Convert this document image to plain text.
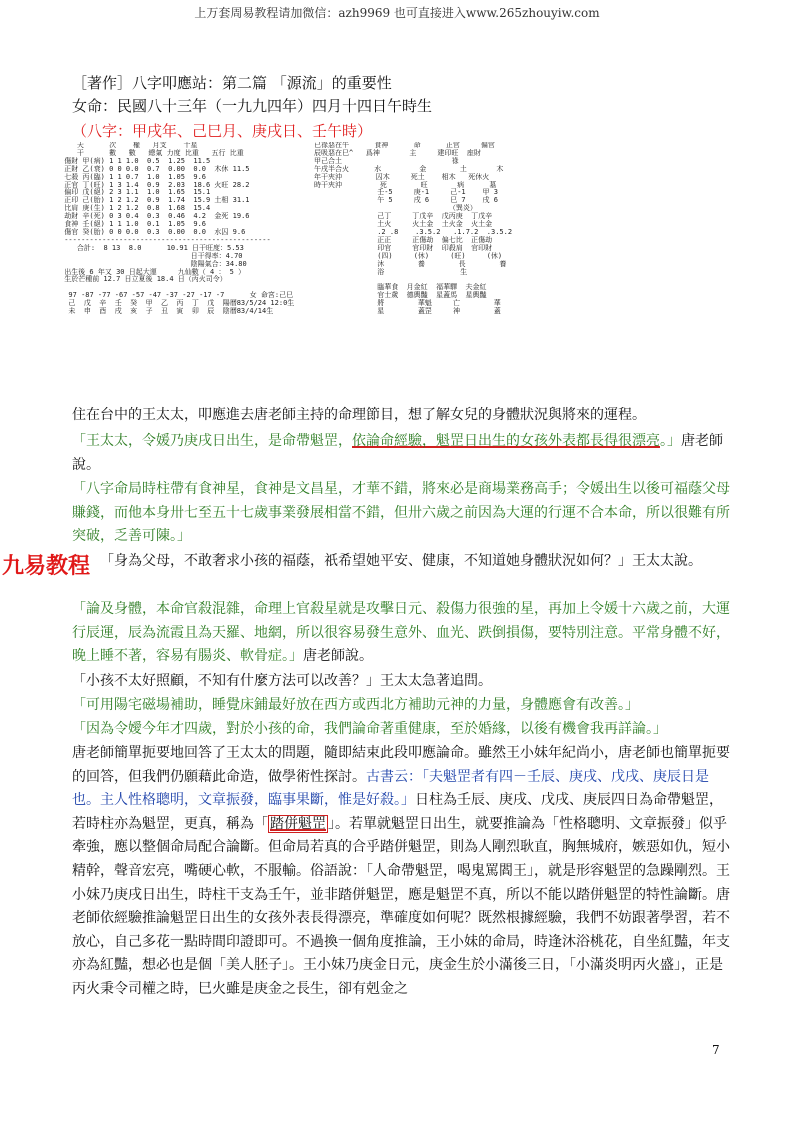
上万套周易教程请加微信：azh9969 也可直接进入www.265zhouyiw.com
［著作］八字叩應站：第二篇 「源流」的重要性
女命：民國八十三年（一九九四年）四月十四日午時生（八字：甲戌年、己巳月、庚戌日、壬午時）
天      次    權   月支    十星
干      數   數   總氣 力度 比重   五行 比重
傷財 甲(病) 1 1 1.0  0.5  1.25  11.5
正財 乙(衰) 0 0 0.0  0.7  0.00  0.0  木休 11.5
七殺 丙(臨) 1 1 0.7  1.0  1.05  9.6
正官 丁(旺) 1 3 1.4  0.9  2.03  18.6 火旺 28.2
偏印 戊(絕) 2 3 1.1  1.0  1.65  15.1
正印 己(胎) 1 2 1.2  0.9  1.74  15.9 土相 31.1
比肩 庚(生) 1 2 1.2  0.8  1.68  15.4
劫財 辛(死) 0 3 0.4  0.3  0.46  4.2  金死 19.6
食神 壬(絕) 1 1 1.0  0.1  1.05  9.6
傷官 癸(胎) 0 0 0.0  0.3  0.00  0.0  水囚 9.6
-------------------------------------------------
合計:  8 13  8.0      10.91 日干旺度：5.53
日干得率：4.70
陰陽氣合：34.80
出生後 6 年又 30 日起大運     九仙數（ 4 ： 5 ）
生於芒種前 12.7 日立夏後 18.4 日（丙火司令）

97 -87 -77 -67 -57 -47 -37 -27 -17 -7      女 命宮:己巳
己  戊  辛  壬  癸  甲  乙  丙  丁  戊  陽曆83/5/24 12:0生
未  申  酉  戌  亥  子  丑  寅  卯  辰  陰曆83/4/14生
已祿惡在午      食神      命      正官     偏官
辰吸惡在巳^   爲神       主     建印旺  座財
甲己合土                          祿
午戌半合火      水         金        土       木
年干夾沖        囚木     死土    相木   死休火
時干夾沖         死        旺       病      墓
壬-5     庚-1     己-1    甲 3
午 5     戌 6     巳 7    戌 6
（巽炎）
己丁     丁戊辛  戊丙庚  丁戊辛
土火     火土金  土火金  火土金
.2 .8    .3.5.2   .1.7.2  .3.5.2
正正     正傷劫  偏七比  正傷劫
印官     官印財  印殺肩  官印財
(四)     (休)     (旺)     (休)
沐        養        長        養
浴                  生

臨華食  月金紅  福華驛  夫金紅
官士歲  德輿豔  星蓋馬  星輿豔
將        華魁     亡        華
星        蓋罡     神        蓋
住在台中的王太太，叩應進去唐老師主持的命理節目，想了解女兒的身體狀況與將來的運程。
「王太太，令媛乃庚戌日出生，是命帶魁罡，依論命經驗，魁罡日出生的女孩外表都長得很漂亮。」唐老師說。
「八字命局時柱帶有食神星，食神是文昌星，才華不錯，將來必是商場業務高手；令媛出生以後可福蔭父母賺錢，而他本身卅七至五十七歲事業發展相當不錯，但卅六歲之前因為大運的行運不合本命，所以很難有所突破，乏善可陳。」
「身為父母，不敢奢求小孩的福蔭，祇希望她平安、健康，不知道她身體狀況如何？」王太太說。
「論及身體，本命官殺混雜，命理上官殺星就是攻擊日元、殺傷力很強的星，再加上令媛十六歲之前，大運行辰運，辰為流霞且為天羅、地網，所以很容易發生意外、血光、跌倒損傷，要特別注意。平常身體不好，晚上睡不著，容易有腸炎、軟骨症。」唐老師說。
「小孩不太好照顧，不知有什麼方法可以改善？」王太太急著追問。
「可用陽宅磁場補助，睡覺床鋪最好放在西方或西北方補助元神的力量，身體應會有改善。」
「因為令嬡今年才四歲，對於小孩的命，我們論命著重健康，至於婚緣，以後有機會我再詳論。」
唐老師簡單扼要地回答了王太太的問題，隨即結束此段叩應論命。雖然王小妹年紀尚小，唐老師也簡單扼要的回答，但我們仍願藉此命造，做學術性探討。古書云：「夫魁罡者有四－壬辰、庚戌、戊戌、庚辰日是也。主人性格聰明，文章振發，臨事果斷，惟是好殺。」日柱為壬辰、庚戌、戊戌、庚辰四日為命帶魁罡，若時柱亦為魁罡，更真，稱為「 踏併魁罡 」。若單就魁罡日出生，就要推論為「性格聰明、文章振發」似乎牽強，應以整個命局配合論斷。但命局若真的合乎踏併魁罡，則為人剛烈耿直，胸無城府，嫉惡如仇，短小精幹，聲音宏亮，嘴硬心軟，不服輸。俗語說：「人命帶魁罡，喝鬼罵閻王」，就是形容魁罡的急躁剛烈。王小妹乃庚戌日出生，時柱干支為壬午，並非踏併魁罡，應是魁罡不真，所以不能以踏併魁罡的特性論斷。唐老師依經驗推論魁罡日出生的女孩外表長得漂亮，準確度如何呢？既然根據經驗，我們不妨跟著學習，若不放心，自己多花一點時間印證即可。不過換一個角度推論，王小妹的命局，時逢沐浴桃花，自坐紅豔，年支亦為紅豔，想必也是個「美人胚子」。王小妹乃庚金日元，庚金生於小滿後三日，「小滿炎明丙火盛」，正是丙火秉令司權之時，巳火雖是庚金之長生，卻有剋金之
九易教程
7
